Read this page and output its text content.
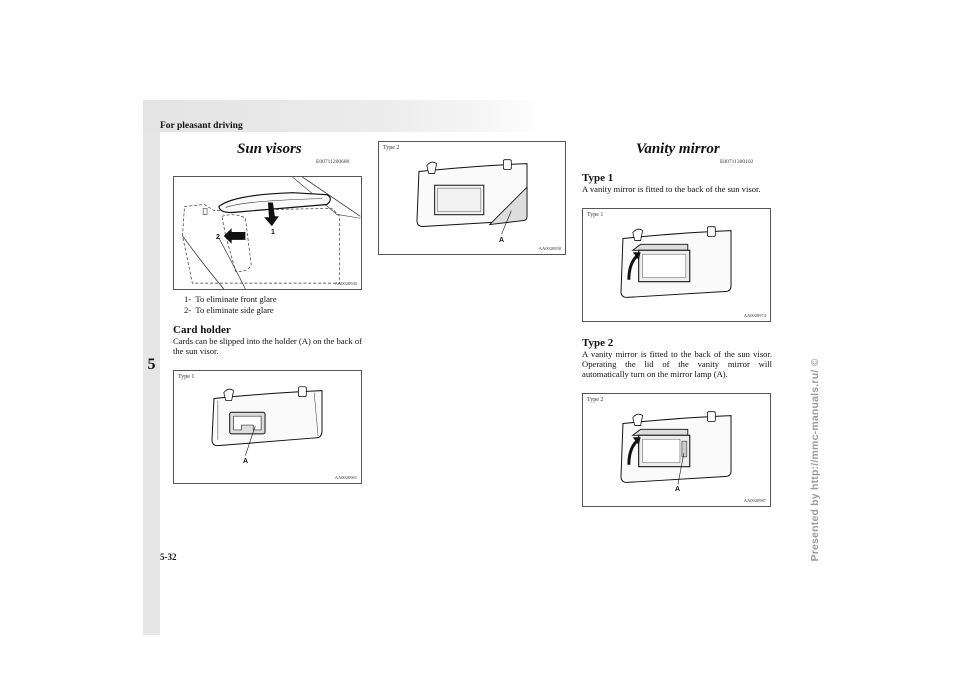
For pleasant driving
5
5-32	Presented by http://mmc-manuals.ru/ ©
Sun visors
E00711200680
1
2
AA0020945
1- To eliminate front glare
2- To eliminate side glare
Card holder
Cards can be slipped into the holder (A) on the back of the sun visor.
Type 1
A
AA0020961
Type 2
A
AA0020958
Vanity mirror
E00711300102
Type 1
A vanity mirror is fitted to the back of the sun visor.
Type 1
AA0020974
Type 2
A vanity mirror is fitted to the back of the sun visor. Operating the lid of the vanity mirror will automatically turn on the mirror lamp (A).
Type 2
A
AA0020987
